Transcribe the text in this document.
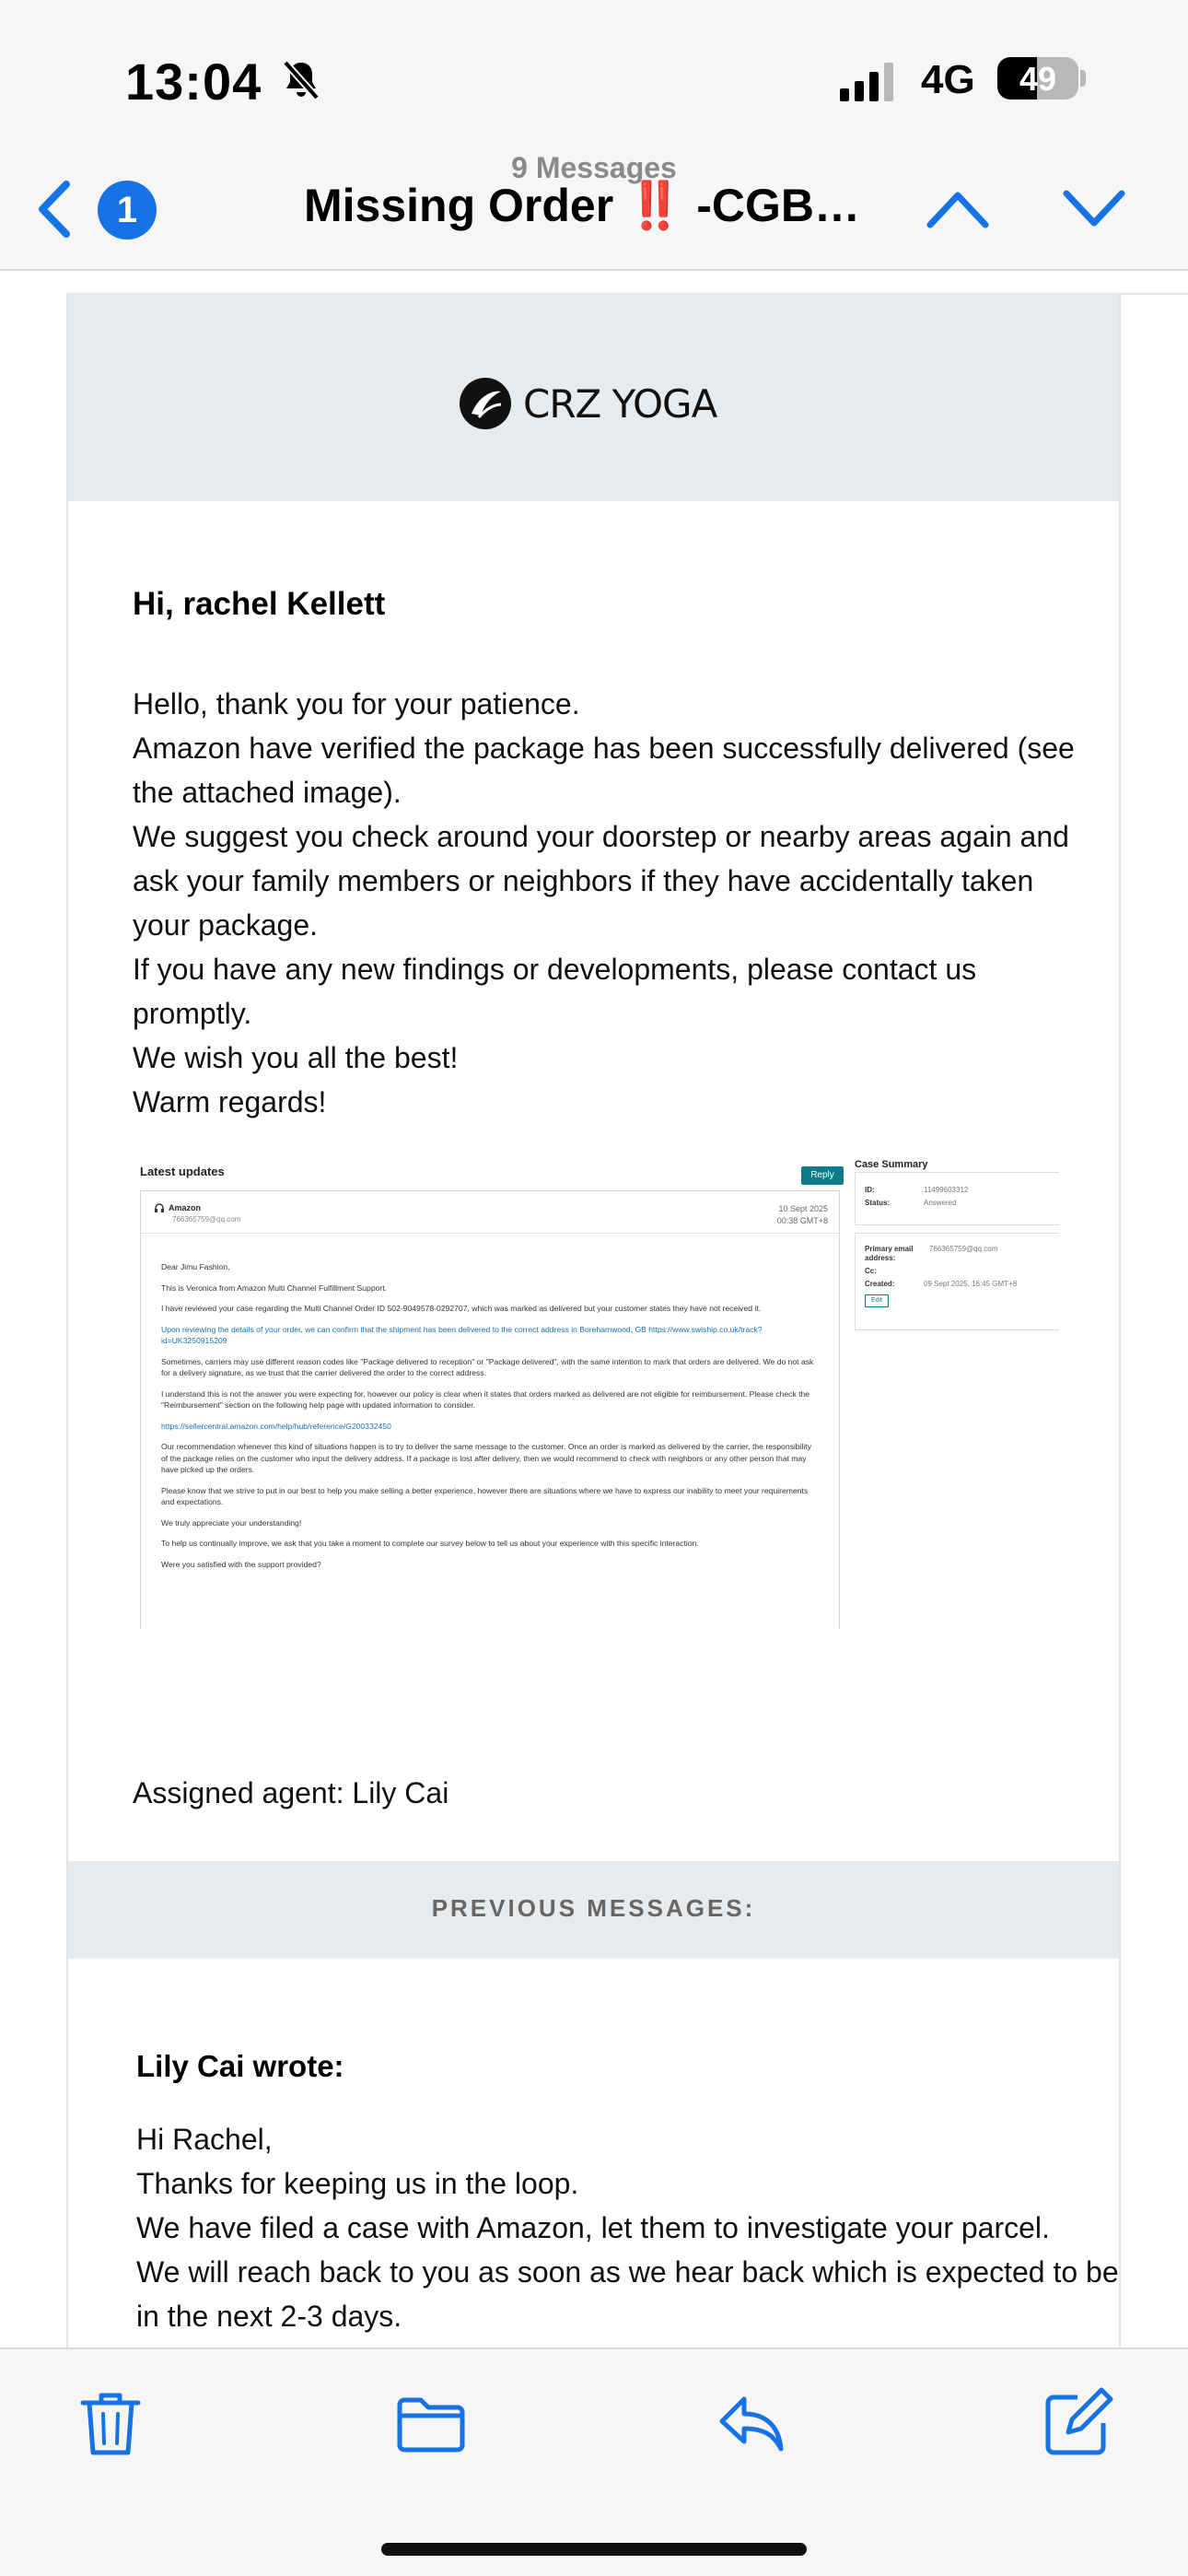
13:04	4G	49
1
9 Messages
Missing Order ‼️ -CGB…
CRZ YOGA
Hi, rachel Kellett

Hello, thank you for your patience.

Amazon have verified the package has been successfully delivered (see the attached image).

We suggest you check around your doorstep or nearby areas again and ask your family members or neighbors if they have accidentally taken your package.

If you have any new findings or developments, please contact us promptly.

We wish you all the best!

Warm regards!

Latest updates	Reply
Amazon
766365759@qq.com
10 Sept 2025
00:38 GMT+8

Dear Jimu Fashion,

This is Veronica from Amazon Multi Channel Fulfillment Support.

I have reviewed your case regarding the Multi Channel Order ID 502-9049578-0292707, which was marked as delivered but your customer states they have not received it.

Upon reviewing the details of your order, we can confirm that the shipment has been delivered to the correct address in Borehamwood, GB https://www.swiship.co.uk/track?id=UK3250915209

Sometimes, carriers may use different reason codes like "Package delivered to reception" or "Package delivered", with the same intention to mark that orders are delivered. We do not ask for a delivery signature, as we trust that the carrier delivered the order to the correct address.

I understand this is not the answer you were expecting for, however our policy is clear when it states that orders marked as delivered are not eligible for reimbursement. Please check the "Reimbursement" section on the following help page with updated information to consider.

https://sellercentral.amazon.com/help/hub/reference/G200332450

Our recommendation whenever this kind of situations happen is to try to deliver the same message to the customer. Once an order is marked as delivered by the carrier, the responsibility of the package relies on the customer who input the delivery address. If a package is lost after delivery, then we would recommend to check with neighbors or any other person that may have picked up the orders.

Please know that we strive to put in our best to help you make selling a better experience, however there are situations where we have to express our inability to meet your requirements and expectations.

We truly appreciate your understanding!

To help us continually improve, we ask that you take a moment to complete our survey below to tell us about your experience with this specific interaction.

Were you satisfied with the support provided?

Case Summary
ID:	11499603312
Status:	Answered
Primary email address:
766365759@qq.com
Cc:
Created:	09 Sept 2025, 16:45 GMT+8
Edit
Assigned agent: Lily Cai
PREVIOUS MESSAGES:
Lily Cai wrote:

Hi Rachel,

Thanks for keeping us in the loop.

We have filed a case with Amazon, let them to investigate your parcel.

We will reach back to you as soon as we hear back which is expected to be in the next 2-3 days.
